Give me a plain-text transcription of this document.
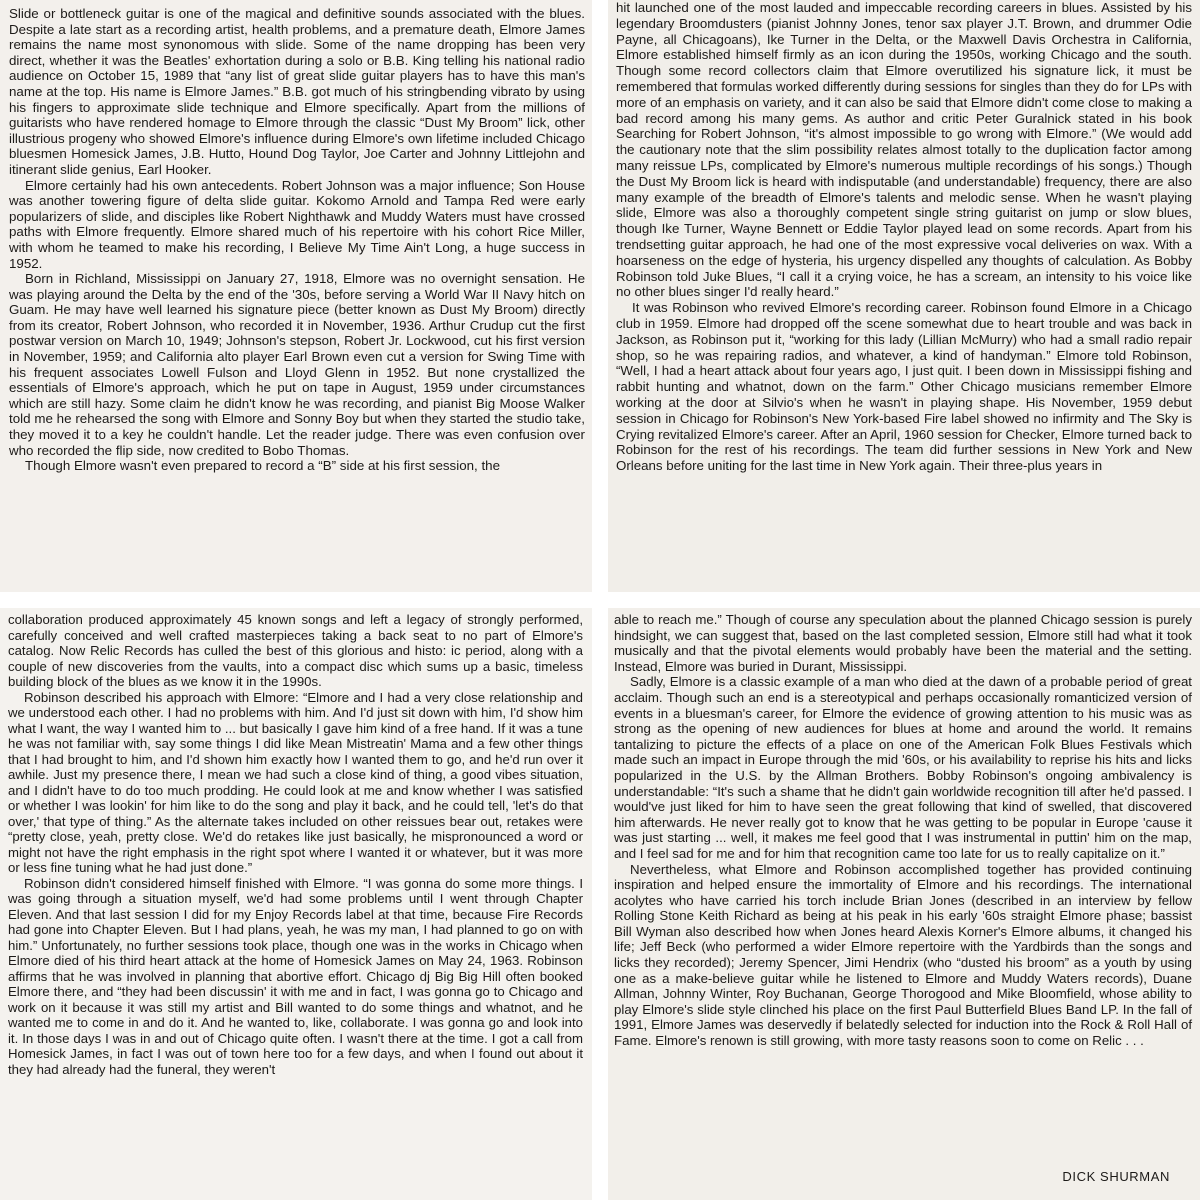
Slide or bottleneck guitar is one of the magical and definitive sounds associated with the blues. Despite a late start as a recording artist, health problems, and a premature death, Elmore James remains the name most synonomous with slide. Some of the name dropping has been very direct, whether it was the Beatles' exhortation during a solo or B.B. King telling his national radio audience on October 15, 1989 that “any list of great slide guitar players has to have this man's name at the top. His name is Elmore James.” B.B. got much of his stringbending vibrato by using his fingers to approximate slide technique and Elmore specifically. Apart from the millions of guitarists who have rendered homage to Elmore through the classic “Dust My Broom” lick, other illustrious progeny who showed Elmore's influence during Elmore's own lifetime included Chicago bluesmen Homesick James, J.B. Hutto, Hound Dog Taylor, Joe Carter and Johnny Littlejohn and itinerant slide genius, Earl Hooker.

Elmore certainly had his own antecedents. Robert Johnson was a major influence; Son House was another towering figure of delta slide guitar. Kokomo Arnold and Tampa Red were early popularizers of slide, and disciples like Robert Nighthawk and Muddy Waters must have crossed paths with Elmore frequently. Elmore shared much of his repertoire with his cohort Rice Miller, with whom he teamed to make his recording, I Believe My Time Ain't Long, a huge success in 1952.

Born in Richland, Mississippi on January 27, 1918, Elmore was no overnight sensation. He was playing around the Delta by the end of the '30s, before serving a World War II Navy hitch on Guam. He may have well learned his signature piece (better known as Dust My Broom) directly from its creator, Robert Johnson, who recorded it in November, 1936. Arthur Crudup cut the first postwar version on March 10, 1949; Johnson's stepson, Robert Jr. Lockwood, cut his first version in November, 1959; and California alto player Earl Brown even cut a version for Swing Time with his frequent associates Lowell Fulson and Lloyd Glenn in 1952. But none crystallized the essentials of Elmore's approach, which he put on tape in August, 1959 under circumstances which are still hazy. Some claim he didn't know he was recording, and pianist Big Moose Walker told me he rehearsed the song with Elmore and Sonny Boy but when they started the studio take, they moved it to a key he couldn't handle. Let the reader judge. There was even confusion over who recorded the flip side, now credited to Bobo Thomas.

Though Elmore wasn't even prepared to record a “B” side at his first session, the

hit launched one of the most lauded and impeccable recording careers in blues. Assisted by his legendary Broomdusters (pianist Johnny Jones, tenor sax player J.T. Brown, and drummer Odie Payne, all Chicagoans), Ike Turner in the Delta, or the Maxwell Davis Orchestra in California, Elmore established himself firmly as an icon during the 1950s, working Chicago and the south. Though some record collectors claim that Elmore overutilized his signature lick, it must be remembered that formulas worked differently during sessions for singles than they do for LPs with more of an emphasis on variety, and it can also be said that Elmore didn't come close to making a bad record among his many gems. As author and critic Peter Guralnick stated in his book Searching for Robert Johnson, “it's almost impossible to go wrong with Elmore.” (We would add the cautionary note that the slim possibility relates almost totally to the duplication factor among many reissue LPs, complicated by Elmore's numerous multiple recordings of his songs.) Though the Dust My Broom lick is heard with indisputable (and understandable) frequency, there are also many example of the breadth of Elmore's talents and melodic sense. When he wasn't playing slide, Elmore was also a thoroughly competent single string guitarist on jump or slow blues, though Ike Turner, Wayne Bennett or Eddie Taylor played lead on some records. Apart from his trendsetting guitar approach, he had one of the most expressive vocal deliveries on wax. With a hoarseness on the edge of hysteria, his urgency dispelled any thoughts of calculation. As Bobby Robinson told Juke Blues, “I call it a crying voice, he has a scream, an intensity to his voice like no other blues singer I'd really heard.”

It was Robinson who revived Elmore's recording career. Robinson found Elmore in a Chicago club in 1959. Elmore had dropped off the scene somewhat due to heart trouble and was back in Jackson, as Robinson put it, “working for this lady (Lillian McMurry) who had a small radio repair shop, so he was repairing radios, and whatever, a kind of handyman.” Elmore told Robinson, “Well, I had a heart attack about four years ago, I just quit. I been down in Mississippi fishing and rabbit hunting and whatnot, down on the farm.” Other Chicago musicians remember Elmore working at the door at Silvio's when he wasn't in playing shape. His November, 1959 debut session in Chicago for Robinson's New York-based Fire label showed no infirmity and The Sky is Crying revitalized Elmore's career. After an April, 1960 session for Checker, Elmore turned back to Robinson for the rest of his recordings. The team did further sessions in New York and New Orleans before uniting for the last time in New York again. Their three-plus years in

collaboration produced approximately 45 known songs and left a legacy of strongly performed, carefully conceived and well crafted masterpieces taking a back seat to no part of Elmore's catalog. Now Relic Records has culled the best of this glorious and histo: ic period, along with a couple of new discoveries from the vaults, into a compact disc which sums up a basic, timeless building block of the blues as we know it in the 1990s.

Robinson described his approach with Elmore: “Elmore and I had a very close relationship and we understood each other. I had no problems with him. And I'd just sit down with him, I'd show him what I want, the way I wanted him to ... but basically I gave him kind of a free hand. If it was a tune he was not familiar with, say some things I did like Mean Mistreatin' Mama and a few other things that I had brought to him, and I'd shown him exactly how I wanted them to go, and he'd run over it awhile. Just my presence there, I mean we had such a close kind of thing, a good vibes situation, and I didn't have to do too much prodding. He could look at me and know whether I was satisfied or whether I was lookin' for him like to do the song and play it back, and he could tell, 'let's do that over,' that type of thing.” As the alternate takes included on other reissues bear out, retakes were “pretty close, yeah, pretty close. We'd do retakes like just basically, he mispronounced a word or might not have the right emphasis in the right spot where I wanted it or whatever, but it was more or less fine tuning what he had just done.”

Robinson didn't considered himself finished with Elmore. “I was gonna do some more things. I was going through a situation myself, we'd had some problems until I went through Chapter Eleven. And that last session I did for my Enjoy Records label at that time, because Fire Records had gone into Chapter Eleven. But I had plans, yeah, he was my man, I had planned to go on with him.” Unfortunately, no further sessions took place, though one was in the works in Chicago when Elmore died of his third heart attack at the home of Homesick James on May 24, 1963. Robinson affirms that he was involved in planning that abortive effort. Chicago dj Big Big Hill often booked Elmore there, and “they had been discussin' it with me and in fact, I was gonna go to Chicago and work on it because it was still my artist and Bill wanted to do some things and whatnot, and he wanted me to come in and do it. And he wanted to, like, collaborate. I was gonna go and look into it. In those days I was in and out of Chicago quite often. I wasn't there at the time. I got a call from Homesick James, in fact I was out of town here too for a few days, and when I found out about it they had already had the funeral, they weren't

able to reach me.” Though of course any speculation about the planned Chicago session is purely hindsight, we can suggest that, based on the last completed session, Elmore still had what it took musically and that the pivotal elements would probably have been the material and the setting. Instead, Elmore was buried in Durant, Mississippi.

Sadly, Elmore is a classic example of a man who died at the dawn of a probable period of great acclaim. Though such an end is a stereotypical and perhaps occasionally romanticized version of events in a bluesman's career, for Elmore the evidence of growing attention to his music was as strong as the opening of new audiences for blues at home and around the world. It remains tantalizing to picture the effects of a place on one of the American Folk Blues Festivals which made such an impact in Europe through the mid '60s, or his availability to reprise his hits and licks popularized in the U.S. by the Allman Brothers. Bobby Robinson's ongoing ambivalency is understandable: “It's such a shame that he didn't gain worldwide recognition till after he'd passed. I would've just liked for him to have seen the great following that kind of swelled, that discovered him afterwards. He never really got to know that he was getting to be popular in Europe 'cause it was just starting ... well, it makes me feel good that I was instrumental in puttin' him on the map, and I feel sad for me and for him that recognition came too late for us to really capitalize on it.”

Nevertheless, what Elmore and Robinson accomplished together has provided continuing inspiration and helped ensure the immortality of Elmore and his recordings. The international acolytes who have carried his torch include Brian Jones (described in an interview by fellow Rolling Stone Keith Richard as being at his peak in his early '60s straight Elmore phase; bassist Bill Wyman also described how when Jones heard Alexis Korner's Elmore albums, it changed his life; Jeff Beck (who performed a wider Elmore repertoire with the Yardbirds than the songs and licks they recorded); Jeremy Spencer, Jimi Hendrix (who “dusted his broom” as a youth by using one as a make-believe guitar while he listened to Elmore and Muddy Waters records), Duane Allman, Johnny Winter, Roy Buchanan, George Thorogood and Mike Bloomfield, whose ability to play Elmore's slide style clinched his place on the first Paul Butterfield Blues Band LP. In the fall of 1991, Elmore James was deservedly if belatedly selected for induction into the Rock & Roll Hall of Fame. Elmore's renown is still growing, with more tasty reasons soon to come on Relic . . .

DICK SHURMAN
